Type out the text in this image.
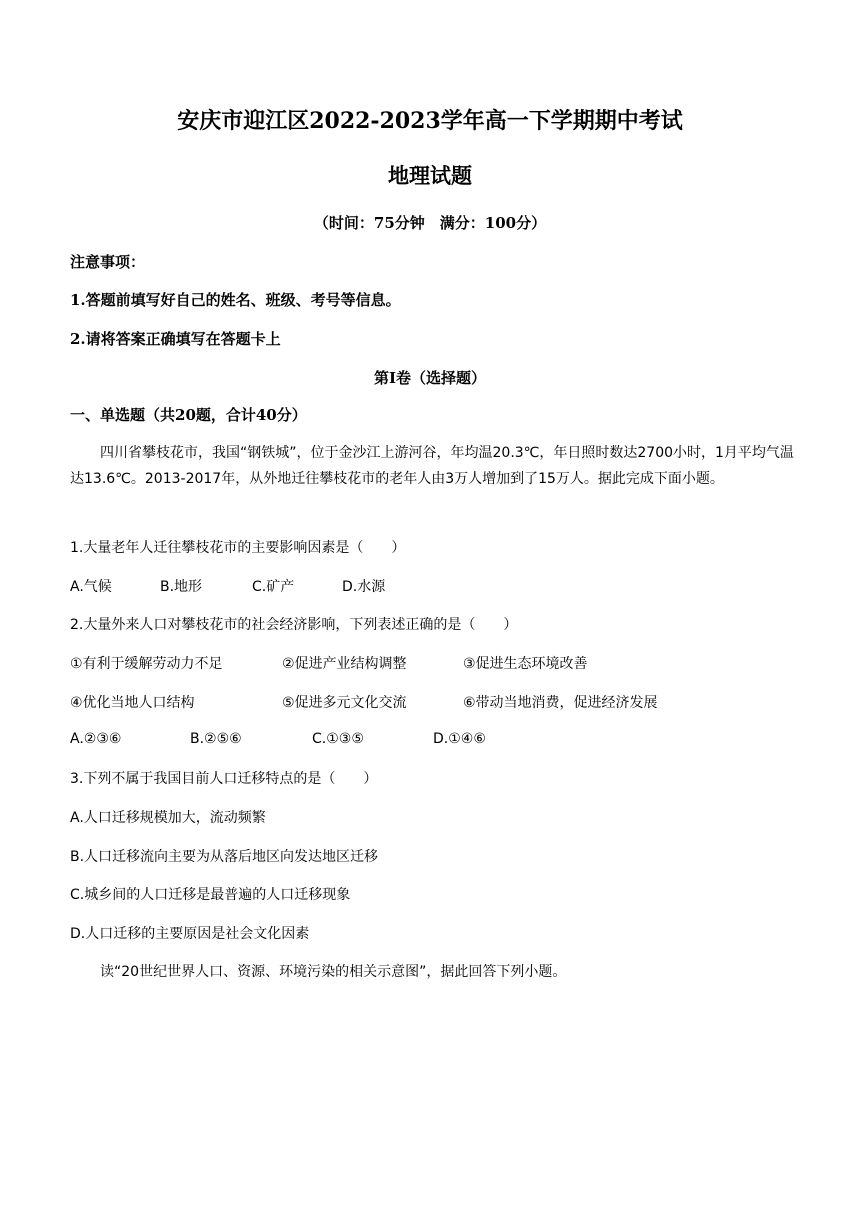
安庆市迎江区2022-2023学年高一下学期期中考试
地理试题
（时间：75分钟　满分：100分）
注意事项：
1.答题前填写好自己的姓名、班级、考号等信息。
2.请将答案正确填写在答题卡上
第Ⅰ卷（选择题）
一、单选题（共20题，合计40分）
四川省攀枝花市，我国“钢铁城”，位于金沙江上游河谷，年均温20.3℃，年日照时数达2700小时，1月平均气温达13.6℃。2013-2017年，从外地迁往攀枝花市的老年人由3万人增加到了15万人。据此完成下面小题。
1.大量老年人迁往攀枝花市的主要影响因素是（　　）
A.气候	B.地形	C.矿产	D.水源
2.大量外来人口对攀枝花市的社会经济影响，下列表述正确的是（　　）
①有利于缓解劳动力不足	②促进产业结构调整	③促进生态环境改善
④优化当地人口结构	⑤促进多元文化交流	⑥带动当地消费，促进经济发展
A.②③⑥	B.②⑤⑥	C.①③⑤	D.①④⑥
3.下列不属于我国目前人口迁移特点的是（　　）
A.人口迁移规模加大，流动频繁
B.人口迁移流向主要为从落后地区向发达地区迁移
C.城乡间的人口迁移是最普遍的人口迁移现象
D.人口迁移的主要原因是社会文化因素
读“20世纪世界人口、资源、环境污染的相关示意图”，据此回答下列小题。
